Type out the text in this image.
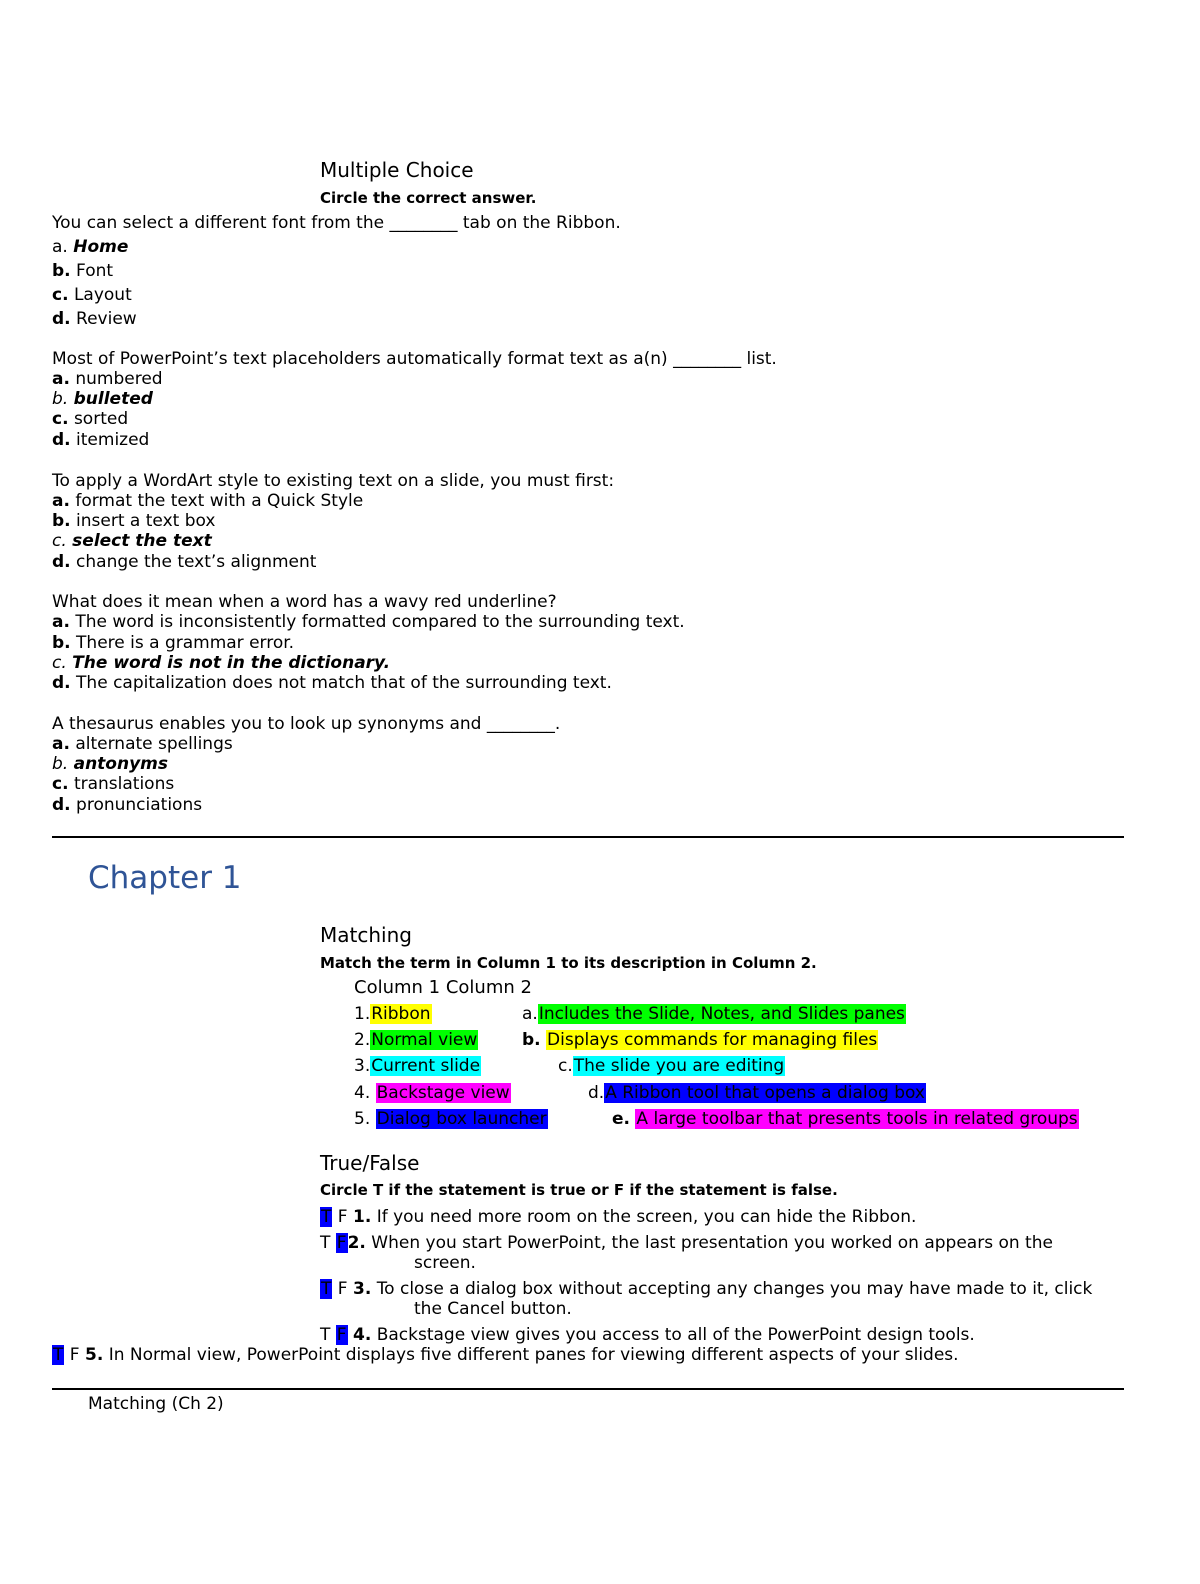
Multiple Choice
Circle the correct answer.
You can select a different font from the ________ tab on the Ribbon.
a. Home
b. Font
c. Layout
d. Review
Most of PowerPoint’s text placeholders automatically format text as a(n) ________ list.
a. numbered
b. bulleted
c. sorted
d. itemized
To apply a WordArt style to existing text on a slide, you must first:
a. format the text with a Quick Style
b. insert a text box
c. select the text
d. change the text’s alignment
What does it mean when a word has a wavy red underline?
a. The word is inconsistently formatted compared to the surrounding text.
b. There is a grammar error.
c. The word is not in the dictionary.
d. The capitalization does not match that of the surrounding text.
A thesaurus enables you to look up synonyms and ________.
a. alternate spellings
b. antonyms
c. translations
d. pronunciations
Chapter 1
Matching
Match the term in Column 1 to its description in Column 2.
Column 1 Column 2
1.Ribbon	a.Includes the Slide, Notes, and Slides panes
2.Normal view	b. Displays commands for managing files
3.Current slide	c.The slide you are editing
4. Backstage view	d.A Ribbon tool that opens a dialog box
5. Dialog box launcher	e. A large toolbar that presents tools in related groups
True/False
Circle T if the statement is true or F if the statement is false.
T F 1. If you need more room on the screen, you can hide the Ribbon.
T F2. When you start PowerPoint, the last presentation you worked on appears on the
screen.
T F 3. To close a dialog box without accepting any changes you may have made to it, click
the Cancel button.
T F 4. Backstage view gives you access to all of the PowerPoint design tools.
T F 5. In Normal view, PowerPoint displays five different panes for viewing different aspects of your slides.
Matching (Ch 2)
